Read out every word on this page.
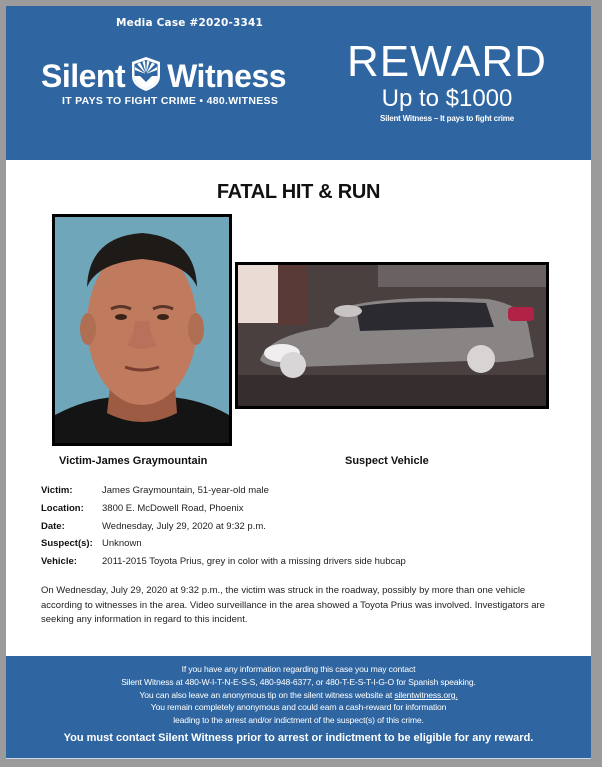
Media Case #2020-3341
Silent Witness
IT PAYS TO FIGHT CRIME • 480.WITNESS
REWARD
Up to $1000
Silent Witness – It pays to fight crime
FATAL HIT & RUN
Victim-James Graymountain	Suspect Vehicle
Victim:	James Graymountain, 51-year-old male
Location:	3800 E. McDowell Road, Phoenix
Date:	Wednesday, July 29, 2020 at 9:32 p.m.
Suspect(s): Unknown
Vehicle:	2011-2015 Toyota Prius, grey in color with a missing drivers side hubcap
On Wednesday, July 29, 2020 at 9:32 p.m., the victim was struck in the roadway, possibly by more than one vehicle according to witnesses in the area. Video surveillance in the area showed a Toyota Prius was involved. Investigators are seeking any information in regard to this incident.
If you have any information regarding this case you may contact
Silent Witness at 480-W-I-T-N-E-S-S, 480-948-6377, or 480-T-E-S-T-I-G-O for Spanish speaking.
You can also leave an anonymous tip on the silent witness website at silentwitness.org.
You remain completely anonymous and could earn a cash-reward for information
leading to the arrest and/or indictment of the suspect(s) of this crime.
You must contact Silent Witness prior to arrest or indictment to be eligible for any reward.
